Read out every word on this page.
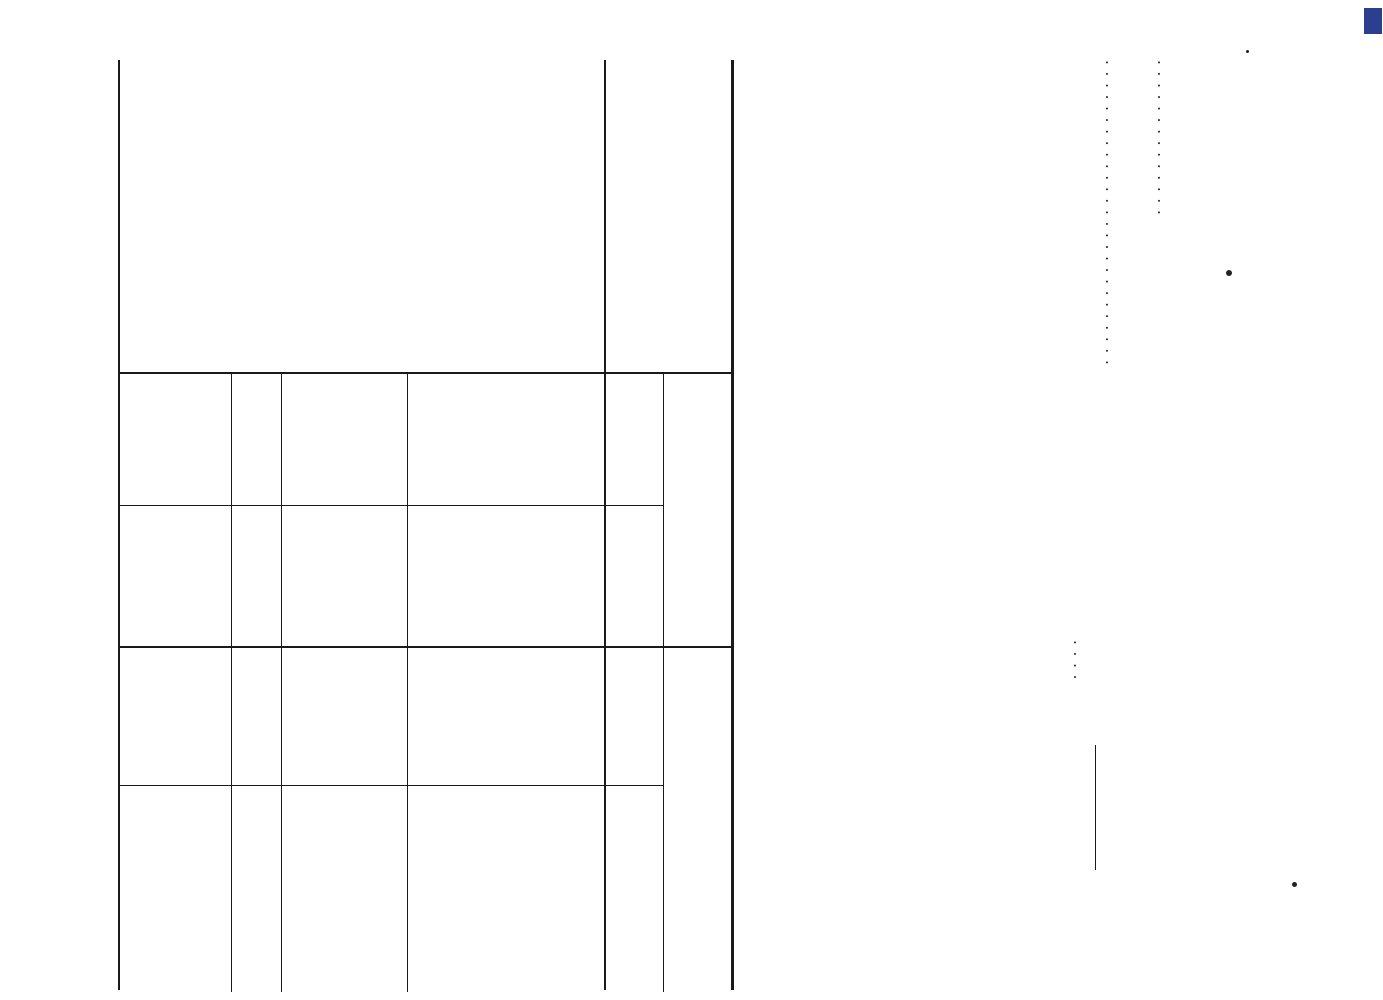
. . . . . . . . . . . . . .
. . . . . . . . . . . . . . . . . . . . . . . . . . .
. . . .
